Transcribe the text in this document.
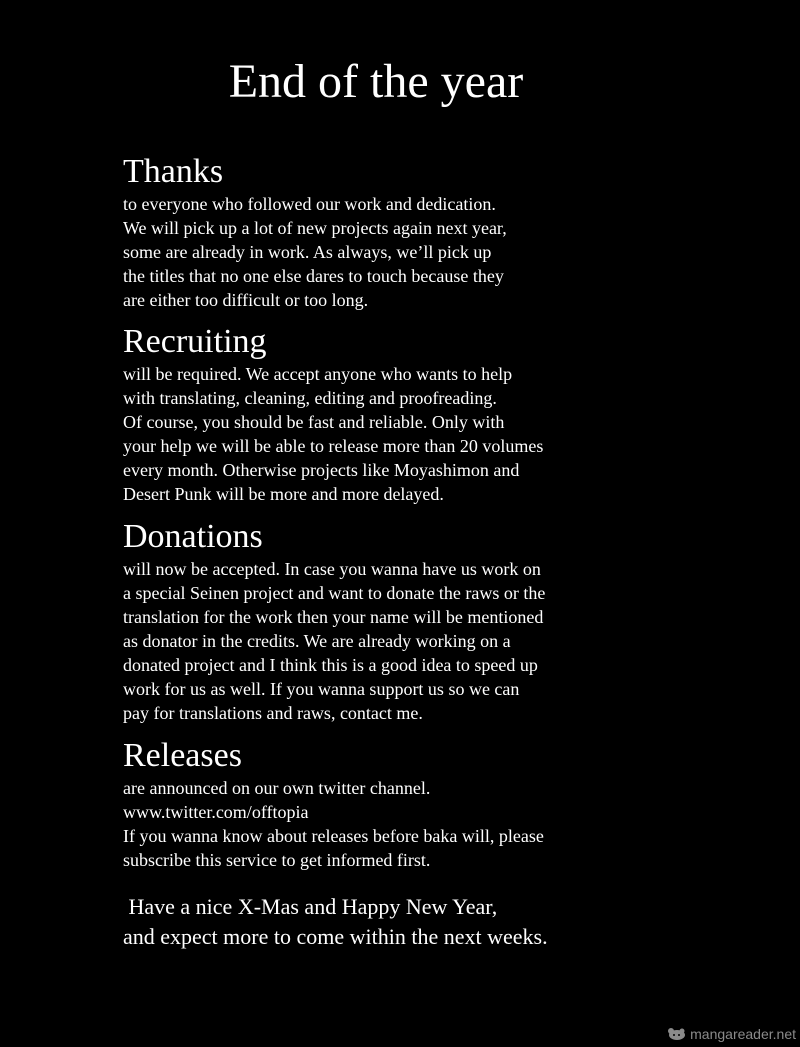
End of the year
Thanks

to everyone who followed our work and dedication.

We will pick up a lot of new projects again next year,

some are already in work. As always, we’ll pick up

the titles that no one else dares to touch because they

are either too difficult or too long.

Recruiting

will be required. We accept anyone who wants to help

with translating, cleaning, editing and proofreading.

Of course, you should be fast and reliable. Only with

your help we will be able to release more than 20 volumes

every month. Otherwise projects like Moyashimon and

Desert Punk will be more and more delayed.

Donations

will now be accepted. In case you wanna have us work on

a special Seinen project and want to donate the raws or the

translation for the work then your name will be mentioned

as donator in the credits. We are already working on a

donated project and I think this is a good idea to speed up

work for us as well. If you wanna support us so we can

pay for translations and raws, contact me.

Releases

are announced on our own twitter channel.

www.twitter.com/offtopia

If you wanna know about releases before baka will, please

subscribe this service to get informed first.

Have a nice X-Mas and Happy New Year,

and expect more to come within the next weeks.

mangareader.net
